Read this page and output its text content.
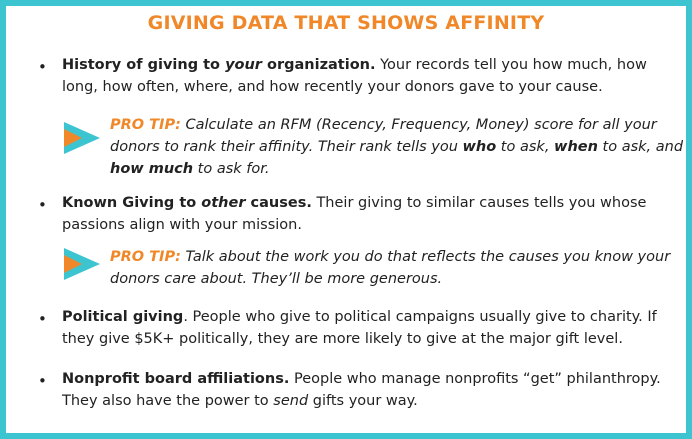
GIVING DATA THAT SHOWS AFFINITY
• History of giving to your organization. Your records tell you how much, how long, how often, where, and how recently your donors gave to your cause.
PRO TIP: Calculate an RFM (Recency, Frequency, Money) score for all your donors to rank their affinity. Their rank tells you who to ask, when to ask, and how much to ask for.
• Known Giving to other causes. Their giving to similar causes tells you whose passions align with your mission.
PRO TIP: Talk about the work you do that reflects the causes you know your donors care about. They’ll be more generous.
• Political giving. People who give to political campaigns usually give to charity. If they give $5K+ politically, they are more likely to give at the major gift level.
• Nonprofit board affiliations. People who manage nonprofits “get” philanthropy. They also have the power to send gifts your way.
